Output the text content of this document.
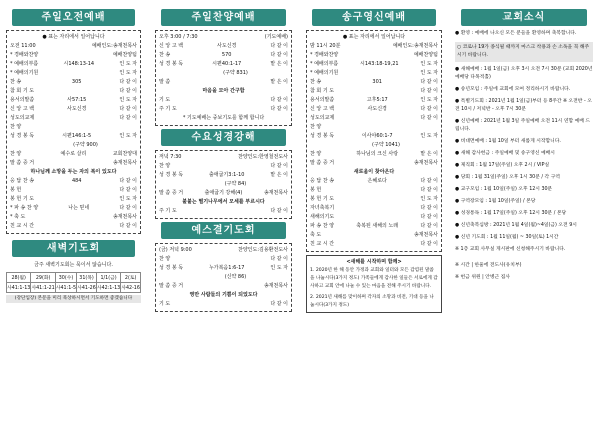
주일오전예배
● 표는 자리에서 일어납니다
오전 11:00	예배인도:송재천목사
* 경배와찬양	예배찬양팀
* 예배의부름	시148:13-14	인 도 자
* 예배의기원	인 도 자
찬 송	305	다 같 이
참 회 기 도	다 같 이
용서의말씀	사57:15	인 도 자
신 앙 고 백	사도신경	다 같 이
성도의교제	다 같 이
찬 양
성 경 봉 독	시편146:1-5	인 도 자
(구약 900)
찬 양	예수로 살리	교회찬양대
말 씀 증 거	송재천목사
하나님께 소망을 두는 자의 복이 있도다
응 답 찬 송	484	다 같 이
봉 헌	다 같 이
봉 헌 기 도	인 도 자
* 파 송 찬 양	나는 믿네	다 같 이
* 축 도	송재천목사
친 교 시 간	다 같 이
새벽기도회
금주 새벽기도회는 묵이서 않습니다.
28(월)	29(화)	30(수)	31(목)	1/1(금)	2(토)
사41:1-13	사41:1-21	사41:1-5	사41-26	사42:1-13	사42-16
(강단입장) 본문을 미리 묵상하시면서 기도하면 좋겠습니다
주일찬양예배
오후 3:00 / 7:30	(기도예배)
신 앙 고 백	사도신경	다 같 이
찬 송	570	다 같 이
성 경 봉 독	시편40:1-17	맡 은 이
(구약 831)
말 씀	맡 은 이
마음을 모아 간구함
기 도	다 같 이
주 기 도	다 같 이
* 기도예배는 중보기도를 함께 합니다
수요성경강해
저녁 7:30	찬양인도:한영철전도사
찬 양	다 같 이
성 경 봉 독	출애굽기3:1-10	맡 은 이
(구약 84)
말 씀 증 거	출애굽기 강해(4)	송재천목사
불붙는 떨기나무에서 모세를 부르시다
주 기 도	다 같 이
예스결기도회
(금) 저녁 9:00	찬양인도:김용환전도사
찬 양	다 같 이
성 경 봉 독	누가복음1:6-17	인 도 자
(신약 86)
말 씀 증 거	송재천목사
영만 사람들의 기쁨이 되었도다
기 도	다 같 이
송구영신예배
● 표는 자리에서 일어납니다
밤 11시 20분	예배인도:송재천목사
* 경배와찬양	예배찬양팀
* 예배의부름	시143:18-19,21	인 도 자
* 예배의기원	인 도 자
찬 송	301	다 같 이
참 회 기 도	다 같 이
용서의말씀	고후5:17	인 도 자
신 앙 고 백	사도신경	다 같 이
성도의교제	다 같 이
찬 양
성 경 봉 독	이사야60:1-7	인 도 자
(구약 1041)
찬 양	하나님의 크신 사랑	맡 은 이
말 씀 증 거	송재천목사
새로움이 찾아온다
응 답 찬 송	은혜로다	다 같 이
봉 헌	다 같 이
봉 헌 기 도	인 도 자
자녀축복기	다 같 이
새해의기도	다 같 이
파 송 찬 양	축복된 새해의 노래	다 같 이
축 도	송재천목사
친 교 시 간	다 같 이
<새해를 시작하며 함께>

1. 2020년 한 해 동안 가정과 교회와 일터와 모든 감염된 말씀을 나눕시다(3가지 정도) 가족들에게 감사한 일들은 서로에게 감사하고 교회 안에 나눌 수 있는 마음을 전해 주시기 바랍니다.

2. 2021년 새해를 맞이하며 각자의 소망과 비전, 기대 등을 나눕시다(3가지 정도)

교회소식

● 환영 : 예배에 나오신 모든 분들을 환영하며 축복합니다.

○ 코로나 19가 종식될 때까지 마스크 착용과 손 소독을 꼭 해주시기 바랍니다.

● 새해예배 : 1월 1일(금) 오후 3시 오전 7시 30분 (교회 2020년 예배당 다목적홀)

● 송년모임 : 주일에 교회에 모여 정리하시기 바랍니다.

● 특별기도회 : 2021년 1월 1일(금)부터 등 8주간 ※ 오전반 - 오전 10시 / 저녁반 - 오후 7시 30분

● 신년예배 : 2021년 1월 3일 주일예배 오전 11시 연합 예배 드립니다.

● 비대면예배 : 1월 10일 부터 새롭게 시작합니다.

● 새해 감사헌금 : 주일예배 및 송구영신 예배시

● 제직회 : 1월 17일(주일) 오후 2시 / VIP실

● 당회 : 1월 31일(주일) 오후 1시 30분 / 각 구역

● 교구모임 : 1월 10일(주일) 오후 12시 30분

● 구역장모임 : 1월 10일(주일) / 본당

● 성경통독 : 1월 17일(주일) 오후 12시 30분 / 본당

● 신년축복심방 : 2021년 1월 4일(월)~4일(금) 오전 9시

● 신년 기도회 : 1월 11일(월) ~ 30일(토) 1시간

※ 1층 교회 사무실 게시판에 신청해주시기 바랍니다.

※ 시간 | 한울에 전도사(유치부)

※ 헌금 위원 | 안병근 집사
